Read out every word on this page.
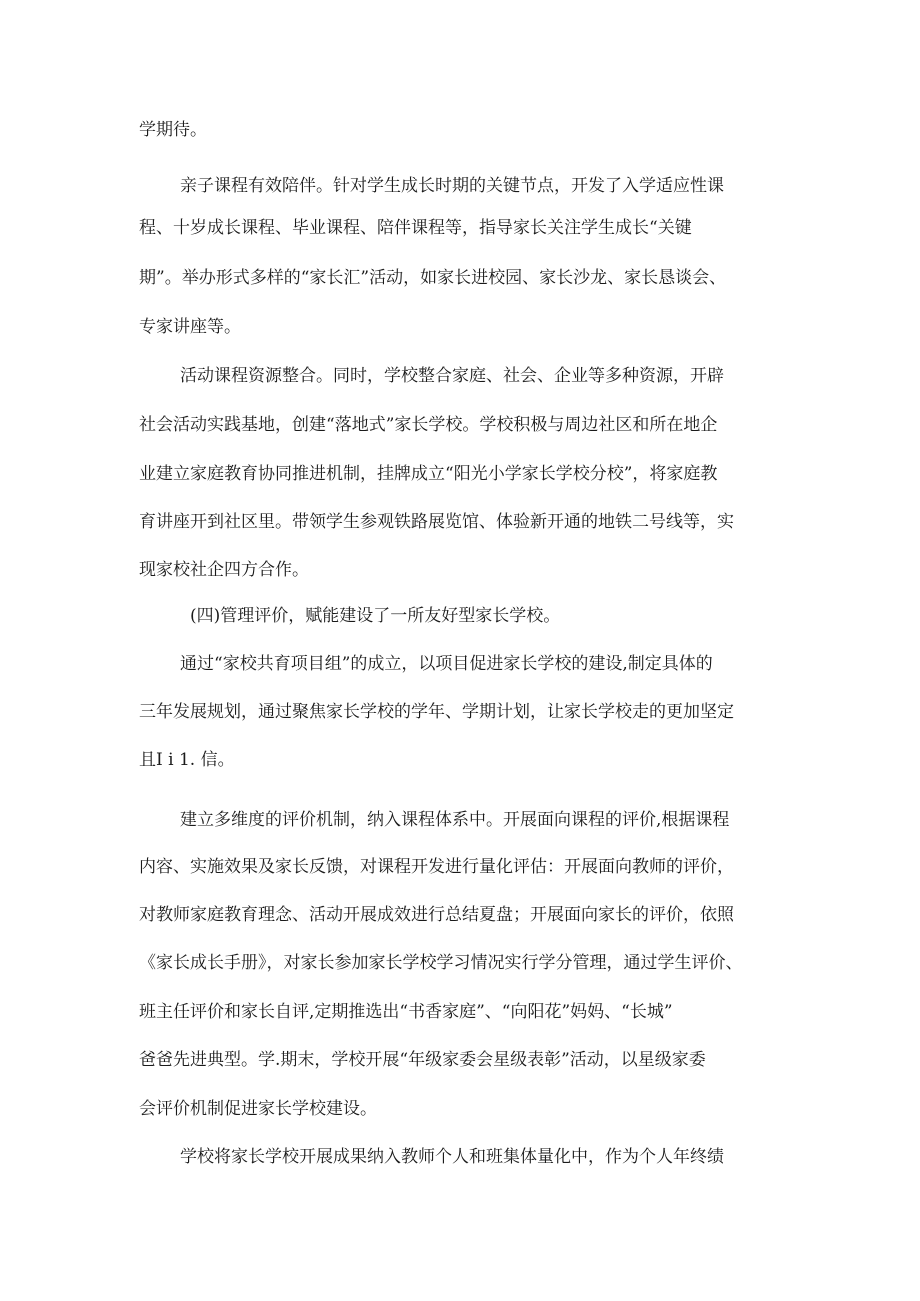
学期待。
亲子课程有效陪伴。针对学生成长时期的关键节点，开发了入学适应性课
程、十岁成长课程、毕业课程、陪伴课程等，指导家长关注学生成长“关键
期”。举办形式多样的“家长汇”活动，如家长进校园、家长沙龙、家长恳谈会、
专家讲座等。
活动课程资源整合。同时，学校整合家庭、社会、企业等多种资源，开辟
社会活动实践基地，创建“落地式”家长学校。学校积极与周边社区和所在地企
业建立家庭教育协同推进机制，挂牌成立“阳光小学家长学校分校”，将家庭教
育讲座开到社区里。带领学生参观铁路展览馆、体验新开通的地铁二号线等，实
现家校社企四方合作。
(四)管理评价，赋能建设了一所友好型家长学校。
通过“家校共育项目组”的成立，以项目促进家长学校的建设,制定具体的
三年发展规划，通过聚焦家长学校的学年、学期计划，让家长学校走的更加坚定
且I i 1. 信。
建立多维度的评价机制，纳入课程体系中。开展面向课程的评价,根据课程
内容、实施效果及家长反馈，对课程开发进行量化评估：开展面向教师的评价，
对教师家庭教育理念、活动开展成效进行总结夏盘；开展面向家长的评价，依照
《家长成长手册》，对家长参加家长学校学习情况实行学分管理，通过学生评价、
班主任评价和家长自评,定期推选出“书香家庭”、“向阳花”妈妈、“长城”
爸爸先进典型。学.期末，学校开展“年级家委会星级表彰”活动，以星级家委
会评价机制促进家长学校建设。
学校将家长学校开展成果纳入教师个人和班集体量化中，作为个人年终绩
